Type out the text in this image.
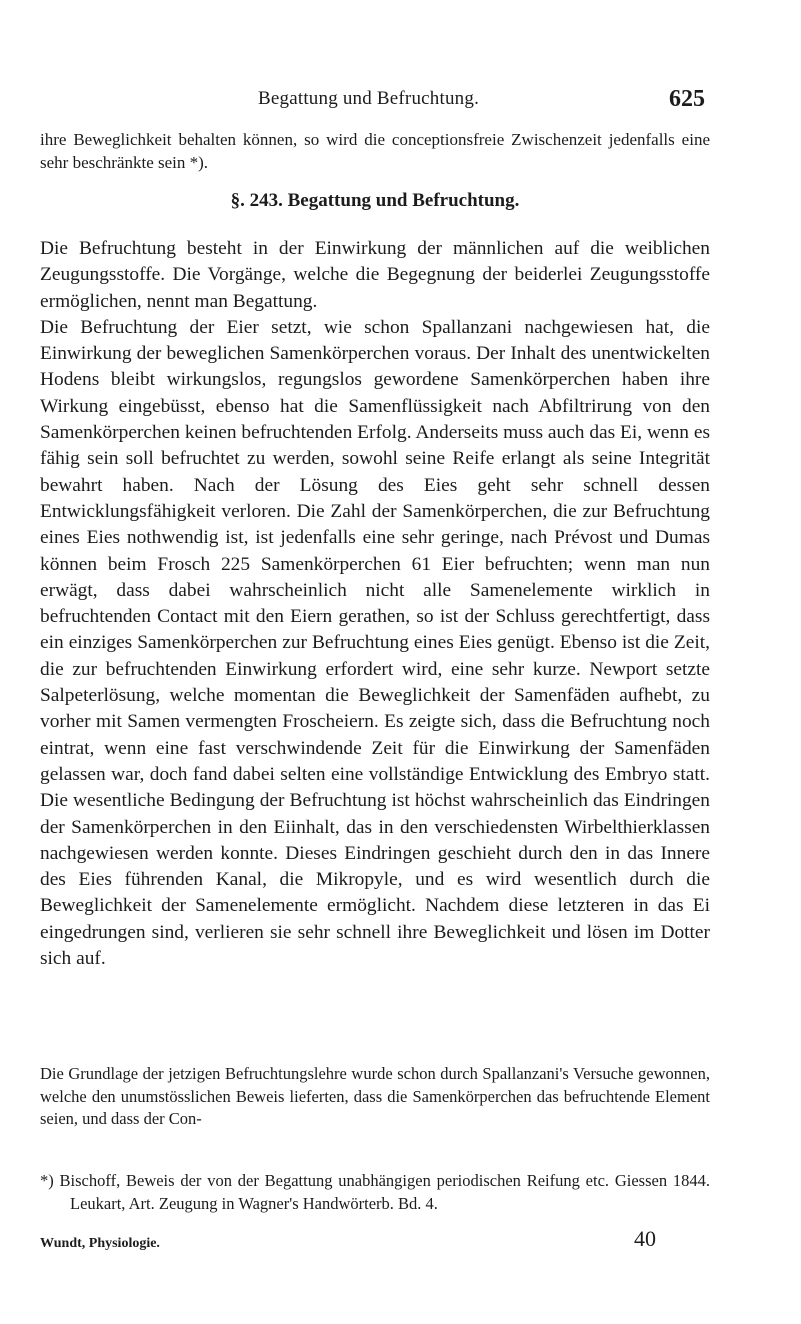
Begattung und Befruchtung.	625
ihre Beweglichkeit behalten können, so wird die conceptionsfreie Zwischenzeit jedenfalls eine sehr beschränkte sein *).
§. 243. Begattung und Befruchtung.

Die Befruchtung besteht in der Einwirkung der männlichen auf die weiblichen Zeugungsstoffe. Die Vorgänge, welche die Begegnung der beiderlei Zeugungsstoffe ermöglichen, nennt man Begattung.

Die Befruchtung der Eier setzt, wie schon Spallanzani nachgewiesen hat, die Einwirkung der beweglichen Samenkörperchen voraus. Der Inhalt des unentwickelten Hodens bleibt wirkungslos, regungslos gewordene Samenkörperchen haben ihre Wirkung eingebüsst, ebenso hat die Samenflüssigkeit nach Abfiltrirung von den Samenkörperchen keinen befruchtenden Erfolg. Anderseits muss auch das Ei, wenn es fähig sein soll befruchtet zu werden, sowohl seine Reife erlangt als seine Integrität bewahrt haben. Nach der Lösung des Eies geht sehr schnell dessen Entwicklungsfähigkeit verloren. Die Zahl der Samenkörperchen, die zur Befruchtung eines Eies nothwendig ist, ist jedenfalls eine sehr geringe, nach Prévost und Dumas können beim Frosch 225 Samenkörperchen 61 Eier befruchten; wenn man nun erwägt, dass dabei wahrscheinlich nicht alle Samenelemente wirklich in befruchtenden Contact mit den Eiern gerathen, so ist der Schluss gerechtfertigt, dass ein einziges Samenkörperchen zur Befruchtung eines Eies genügt. Ebenso ist die Zeit, die zur befruchtenden Einwirkung erfordert wird, eine sehr kurze. Newport setzte Salpeterlösung, welche momentan die Beweglichkeit der Samenfäden aufhebt, zu vorher mit Samen vermengten Froscheiern. Es zeigte sich, dass die Befruchtung noch eintrat, wenn eine fast verschwindende Zeit für die Einwirkung der Samenfäden gelassen war, doch fand dabei selten eine vollständige Entwicklung des Embryo statt. Die wesentliche Bedingung der Befruchtung ist höchst wahrscheinlich das Eindringen der Samenkörperchen in den Eiinhalt, das in den verschiedensten Wirbelthierklassen nachgewiesen werden konnte. Dieses Eindringen geschieht durch den in das Innere des Eies führenden Kanal, die Mikropyle, und es wird wesentlich durch die Beweglichkeit der Samenelemente ermöglicht. Nachdem diese letzteren in das Ei eingedrungen sind, verlieren sie sehr schnell ihre Beweglichkeit und lösen im Dotter sich auf.

Die Grundlage der jetzigen Befruchtungslehre wurde schon durch Spallanzani's Versuche gewonnen, welche den unumstösslichen Beweis lieferten, dass die Samenkörperchen das befruchtende Element seien, und dass der Con-

*) Bischoff, Beweis der von der Begattung unabhängigen periodischen Reifung etc. Giessen 1844. Leukart, Art. Zeugung in Wagner's Handwörterb. Bd. 4.
Wundt, Physiologie.	40
